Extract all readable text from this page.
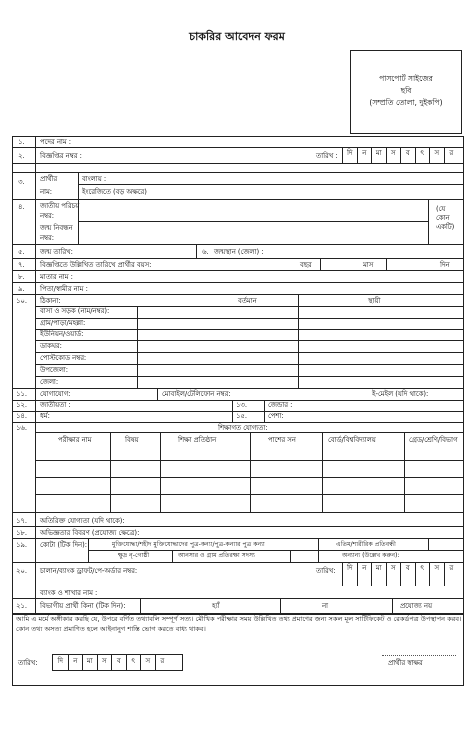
চাকরির আবেদন ফরম
পাসপোর্ট সাইজের
ছবি
(সম্প্রতি তোলা, দুইকপি)
১. পদের নাম :
২. বিজ্ঞপ্তির নম্বর :	তারিখ :	দি	ন	মা	স	ব	ৎ	স	র
৩. প্রার্থীর
নাম:
বাংলায় :
ইংরেজিতে (বড় অক্ষরে)
৪. জাতীয় পরিচয়
নম্বর:
জন্ম নিবন্ধন
নম্বর:
(যে
কোন
একটি)
৫. জন্ম তারিখ:	৬. জন্মস্থান (জেলা) :
৭. বিজ্ঞপ্তিতে উল্লিখিত তারিখে প্রার্থীর বয়স:	বছর	মাস	দিন
৮. মাতার নাম :
৯. পিতা/স্বামীর নাম :
১০. ঠিকানা:	বর্তমান	স্থায়ী
বাসা ও সড়ক (নাম/নম্বর):
গ্রাম/পাড়া/মহল্লা:
ইউনিয়ন/ওয়ার্ড:
ডাকঘর:
পোস্টকোড নম্বর:
উপজেলা:
জেলা:
১১. যোগাযোগ:	মোবাইল/টেলিফোন নম্বর:	ই-মেইল (যদি থাকে):
১২. জাতীয়তা :	১৩.	জেন্ডার :
১৪. ধর্ম:	১৫.	পেশা:
১৬.	শিক্ষাগত যোগ্যতা:
পরীক্ষার নাম	বিষয়	শিক্ষা প্রতিষ্ঠান	পাশের সন	বোর্ড/বিশ্ববিদ্যালয়	গ্রেড/শ্রেণি/বিভাগ
১৭. অতিরিক্ত যোগ্যতা (যদি থাকে):
১৮. অভিজ্ঞতার বিবরণ (প্রযোজ্য ক্ষেত্রে):
১৯. কোটা (টিক দিন):	মুক্তিযোদ্ধা/শহীদ মুক্তিযোদ্ধাদের পুত্র-কন্যা/পুত্র-কন্যার পুত্র কন্যা	এতিম/শারীরিক প্রতিবন্ধী
ক্ষুদ্র নৃ-গোষ্ঠী	আনসার ও গ্রাম প্রতিরক্ষা সদস্য	অন্যান্য (উল্লেখ করুন):
২০. চালান/ব্যাংক ড্রাফট/পে-অর্ডার নম্বর:	তারিখ:	দি	ন	মা	স	ব	ৎ	স	র
ব্যাংক ও শাখার নাম :
২১. বিভাগীয় প্রার্থী কিনা (টিক দিন):	হ্যাঁ	না	প্রযোজ্য নয়
আমি এ মর্মে অঙ্গীকার করছি যে, উপরে বর্ণিত তথ্যাবলি সম্পূর্ণ সত্য। মৌখিক পরীক্ষার সময় উল্লিখিত তথ্য প্রমাণের জন্য সকল মূল সার্টিফিকেট ও রেকর্ডপত্র উপস্থাপন করব। কোন তথ্য অসত্য প্রমাণিত হলে আইনানুগ শাস্তি ভোগ করতে বাধ্য থাকব।
তারিখ:	দি	ন	মা	স	ব	ৎ	স	র	প্রার্থীর স্বাক্ষর
